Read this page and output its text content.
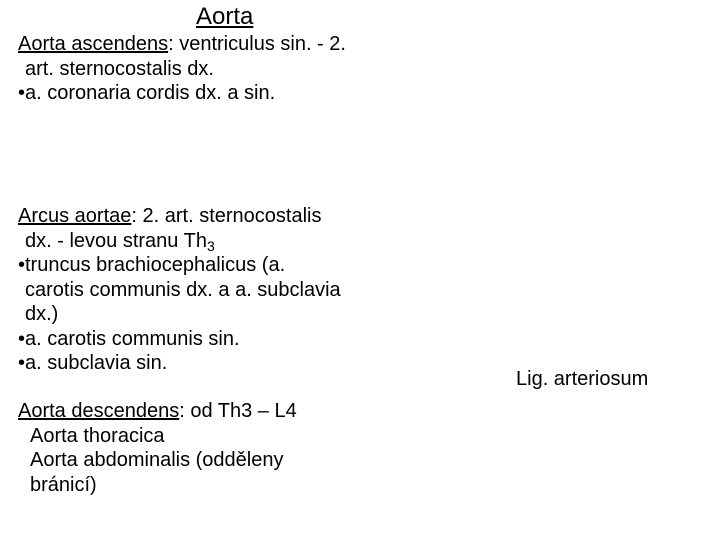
Aorta
Aorta ascendens: ventriculus sin. - 2.
art. sternocostalis dx.
•a. coronaria cordis dx. a sin.
Arcus aortae: 2. art. sternocostalis
dx. - levou stranu $Th_3$
•truncus brachiocephalicus (a.
carotis communis dx. a a. subclavia
dx.)
•a. carotis communis sin.
•a. subclavia sin.
Aorta descendens: od Th3 – L4
Aorta thoracica
Aorta abdominalis (odděleny
bránicí)
Lig. arteriosum
